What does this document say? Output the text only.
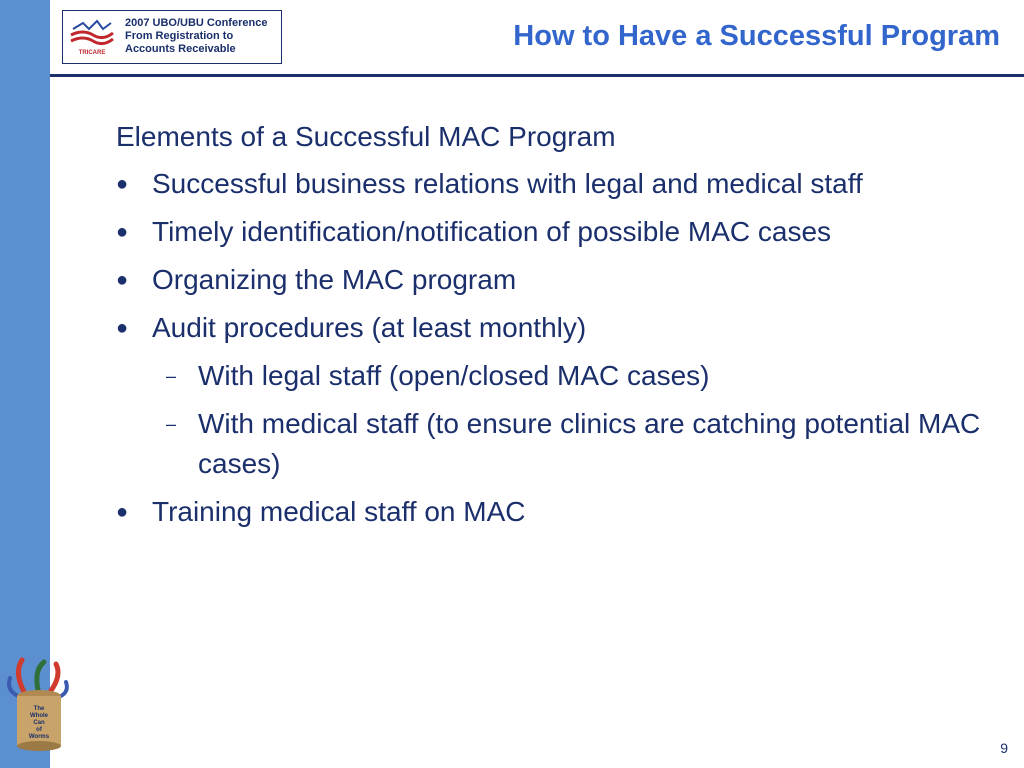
TRICARE
2007 UBO/UBU Conference
From Registration to
Accounts Receivable	How to Have a Successful Program
Elements of a Successful MAC Program
● Successful business relations with legal and medical staff
● Timely identification/notification of possible MAC cases
● Organizing the MAC program
● Audit procedures (at least monthly)
– With legal staff (open/closed MAC cases)
– With medical staff (to ensure clinics are catching potential MAC cases)
● Training medical staff on MAC
The
Whole
Can
of
Worms
9
